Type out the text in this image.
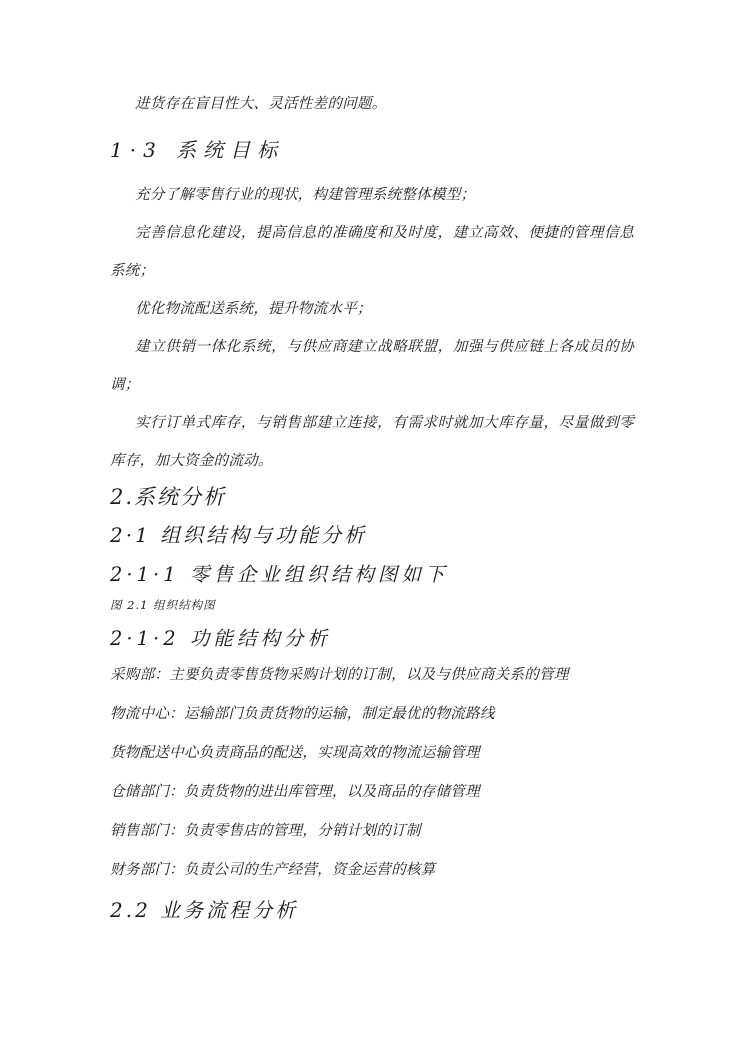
进货存在盲目性大、灵活性差的问题。

1·3 系统目标

充分了解零售行业的现状，构建管理系统整体模型；

完善信息化建设，提高信息的准确度和及时度，建立高效、便捷的管理信息系统；

优化物流配送系统，提升物流水平；

建立供销一体化系统，与供应商建立战略联盟，加强与供应链上各成员的协调；

实行订单式库存，与销售部建立连接，有需求时就加大库存量，尽量做到零库存，加大资金的流动。

2.系统分析
2·1 组织结构与功能分析
2·1·1 零售企业组织结构图如下

图 2.1 组织结构图

2·1·2 功能结构分析

采购部：主要负责零售货物采购计划的订制，以及与供应商关系的管理

物流中心：运输部门负责货物的运输，制定最优的物流路线

货物配送中心负责商品的配送，实现高效的物流运输管理

仓储部门：负责货物的进出库管理，以及商品的存储管理

销售部门：负责零售店的管理，分销计划的订制

财务部门：负责公司的生产经营，资金运营的核算

2.2 业务流程分析
